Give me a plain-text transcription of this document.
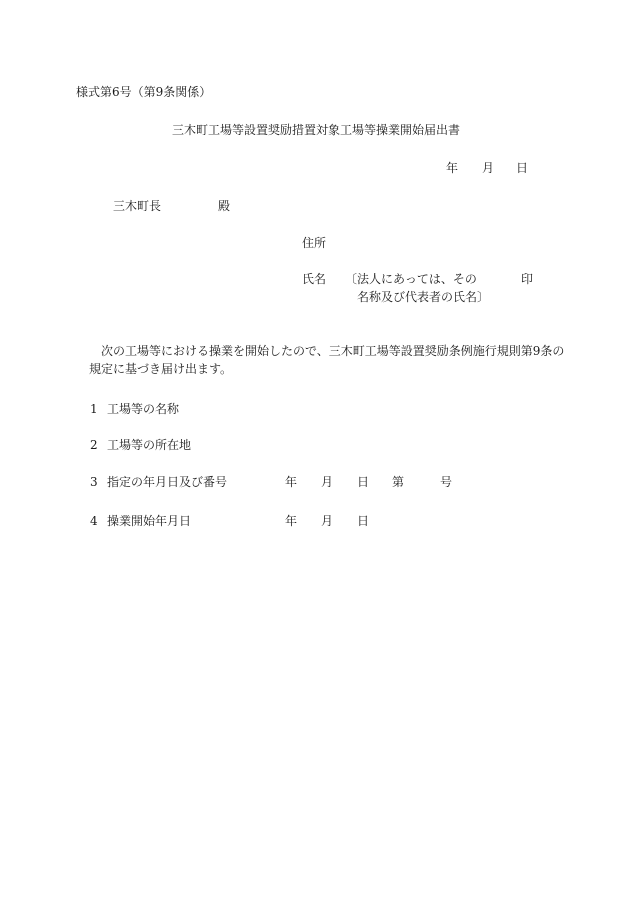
様式第6号（第9条関係）
三木町工場等設置奨励措置対象工場等操業開始届出書
年 月 日
三木町長	殿
住所
氏名 〔法人にあっては、その
名称及び代表者の氏名〕
印
次の工場等における操業を開始したので、三木町工場等設置奨励条例施行規則第9条の
規定に基づき届け出ます。
1 工場等の名称
2 工場等の所在地
3 指定の年月日及び番号	年 月 日 第	号
4 操業開始年月日	年 月 日
